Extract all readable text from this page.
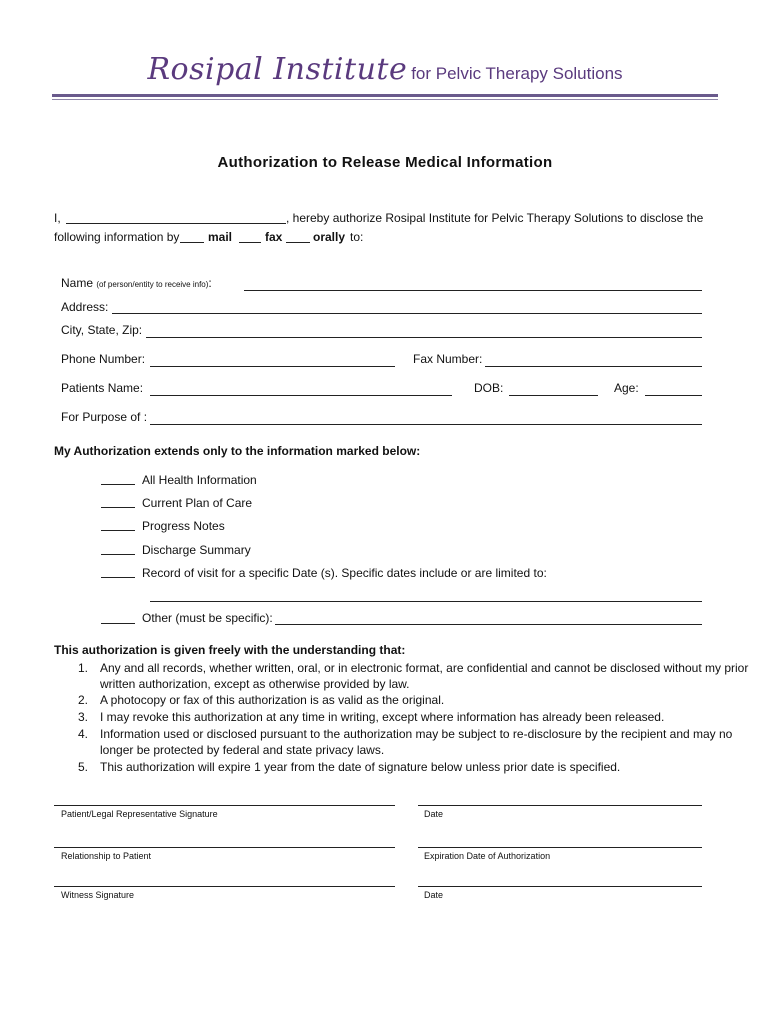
Rosipal Institute for Pelvic Therapy Solutions
Authorization to Release Medical Information
I,	, hereby authorize Rosipal Institute for Pelvic Therapy Solutions to disclose the
following information by mail	fax	orally to:
Name (of person/entity to receive info):
Address:
City, State, Zip:
Phone Number:	Fax Number:
Patients Name:	DOB:	Age:
For Purpose of :
My Authorization extends only to the information marked below:
All Health Information
Current Plan of Care
Progress Notes
Discharge Summary
Record of visit for a specific Date (s). Specific dates include or are limited to:
Other (must be specific):
This authorization is given freely with the understanding that:
1. Any and all records, whether written, oral, or in electronic format, are confidential and cannot be disclosed without my prior
written authorization, except as otherwise provided by law.
2. A photocopy or fax of this authorization is as valid as the original.
3. I may revoke this authorization at any time in writing, except where information has already been released.
4. Information used or disclosed pursuant to the authorization may be subject to re-disclosure by the recipient and may no
longer be protected by federal and state privacy laws.
5. This authorization will expire 1 year from the date of signature below unless prior date is specified.
Patient/Legal Representative Signature	Date
Relationship to Patient	Expiration Date of Authorization
Witness Signature	Date
